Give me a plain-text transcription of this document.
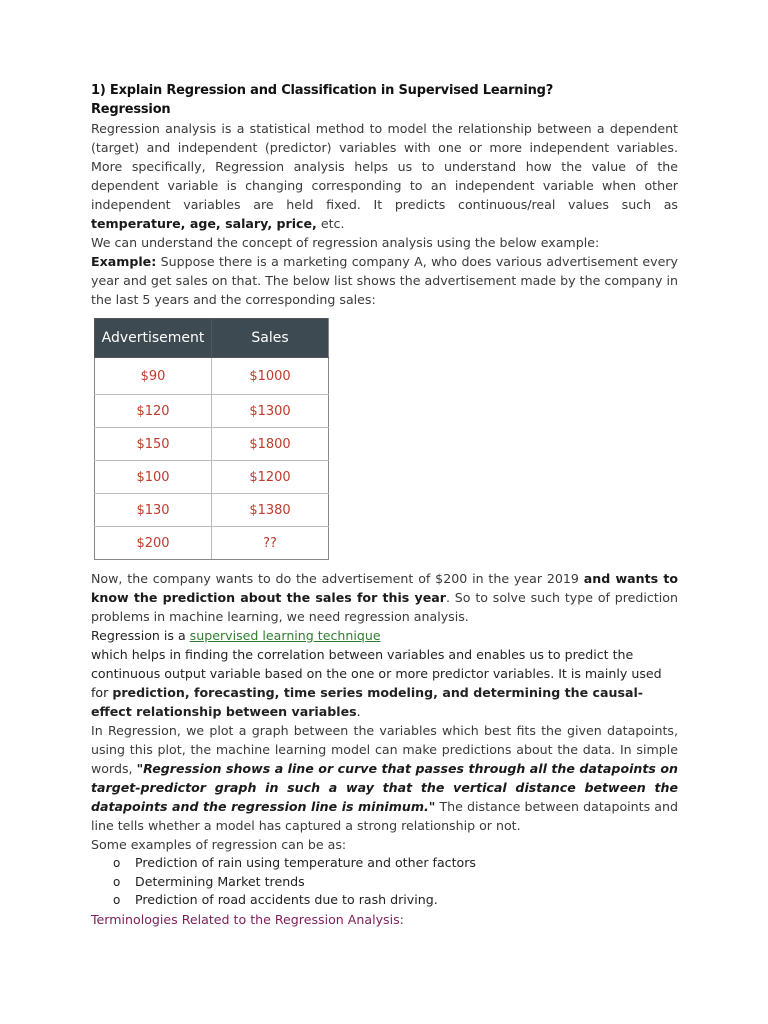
1) Explain Regression and Classification in Supervised Learning?

Regression

Regression analysis is a statistical method to model the relationship between a dependent (target) and independent (predictor) variables with one or more independent variables. More specifically, Regression analysis helps us to understand how the value of the dependent variable is changing corresponding to an independent variable when other independent variables are held fixed. It predicts continuous/real values such as temperature, age, salary, price, etc.

We can understand the concept of regression analysis using the below example:

Example: Suppose there is a marketing company A, who does various advertisement every year and get sales on that. The below list shows the advertisement made by the company in the last 5 years and the corresponding sales:

Advertisement	Sales
$90	$1000
$120	$1300
$150	$1800
$100	$1200
$130	$1380
$200	??

Now, the company wants to do the advertisement of $200 in the year 2019 and wants to know the prediction about the sales for this year. So to solve such type of prediction problems in machine learning, we need regression analysis.

Regression is a supervised learning technique

which helps in finding the correlation between variables and enables us to predict the

continuous output variable based on the one or more predictor variables. It is mainly used

for prediction, forecasting, time series modeling, and determining the causal-effect relationship between variables.

In Regression, we plot a graph between the variables which best fits the given datapoints, using this plot, the machine learning model can make predictions about the data. In simple words, "Regression shows a line or curve that passes through all the datapoints on target-predictor graph in such a way that the vertical distance between the datapoints and the regression line is minimum." The distance between datapoints and line tells whether a model has captured a strong relationship or not.

Some examples of regression can be as:

o Prediction of rain using temperature and other factors
o Determining Market trends
o Prediction of road accidents due to rash driving.

Terminologies Related to the Regression Analysis:
